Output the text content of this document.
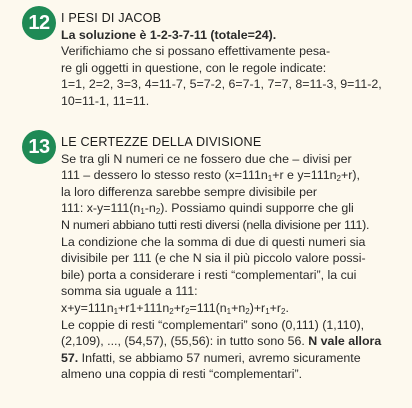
12 I PESI DI JACOB
La soluzione è 1-2-3-7-11 (totale=24).
Verifichiamo che si possano effettivamente pesa-
re gli oggetti in questione, con le regole indicate:
1=1, 2=2, 3=3, 4=11-7, 5=7-2, 6=7-1, 7=7, 8=11-3, 9=11-2,
10=11-1, 11=11.
13 LE CERTEZZE DELLA DIVISIONE
Se tra gli N numeri ce ne fossero due che – divisi per
111 – dessero lo stesso resto ($x=111n_1+r$ e $y=111n_2+r$),
la loro differenza sarebbe sempre divisibile per
111: $x-y=111(n_1-n_2)$. Possiamo quindi supporre che gli
N numeri abbiano tutti resti diversi (nella divisione per 111).
La condizione che la somma di due di questi numeri sia
divisibile per 111 (e che N sia il più piccolo valore possi-
bile) porta a considerare i resti “complementari”, la cui
somma sia uguale a 111:
$x+y=111n_1+r1+111n_2+r_2=111(n_1+n_2)+r_1+r_2$.
Le coppie di resti “complementari” sono (0,111) (1,110),
(2,109), ..., (54,57), (55,56): in tutto sono 56. N vale allora
57. Infatti, se abbiamo 57 numeri, avremo sicuramente
almeno una coppia di resti “complementari”.
